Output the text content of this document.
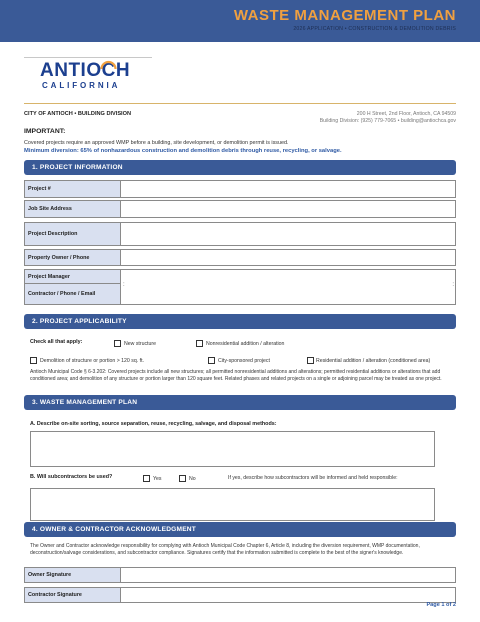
WASTE MANAGEMENT PLAN
2026 APPLICATION • CONSTRUCTION & DEMOLITION DEBRIS
ANTIOCH
CALIFORNIA
CITY OF ANTIOCH • BUILDING DIVISION	200 H Street, 2nd Floor, Antioch, CA 94509
Building Division: (925) 779-7065 • building@antiochca.gov
IMPORTANT:
Covered projects require an approved WMP before a building, site development, or demolition permit is issued.
Minimum diversion: 65% of nonhazardous construction and demolition debris through reuse, recycling, or salvage.
1. PROJECT INFORMATION
Project #
Job Site Address
Project Description
Property Owner / Phone
Project Manager
Contractor / Phone / Email
:	:
2. PROJECT APPLICABILITY
Check all that apply:	New structure	Nonresidential addition / alteration
Demolition of structure or portion > 120 sq. ft.	City-sponsored project	Residential addition / alteration (conditioned area)
Antioch Municipal Code § 6-3.202: Covered projects include all new structures; all permitted nonresidential additions and alterations; permitted residential additions or alterations that add conditioned area; and demolition of any structure or portion larger than 120 square feet. Related phases and related projects on a single or adjoining parcel may be treated as one project.
3. WASTE MANAGEMENT PLAN
A. Describe on-site sorting, source separation, reuse, recycling, salvage, and disposal methods:
B. Will subcontractors be used?	Yes	No	If yes, describe how subcontractors will be informed and held responsible:
4. OWNER & CONTRACTOR ACKNOWLEDGMENT
The Owner and Contractor acknowledge responsibility for complying with Antioch Municipal Code Chapter 6, Article 8, including the diversion requirement, WMP documentation, deconstruction/salvage considerations, and subcontractor compliance. Signatures certify that the information submitted is complete to the best of the signer's knowledge.
Owner Signature
Contractor Signature
Page 1 of 2
